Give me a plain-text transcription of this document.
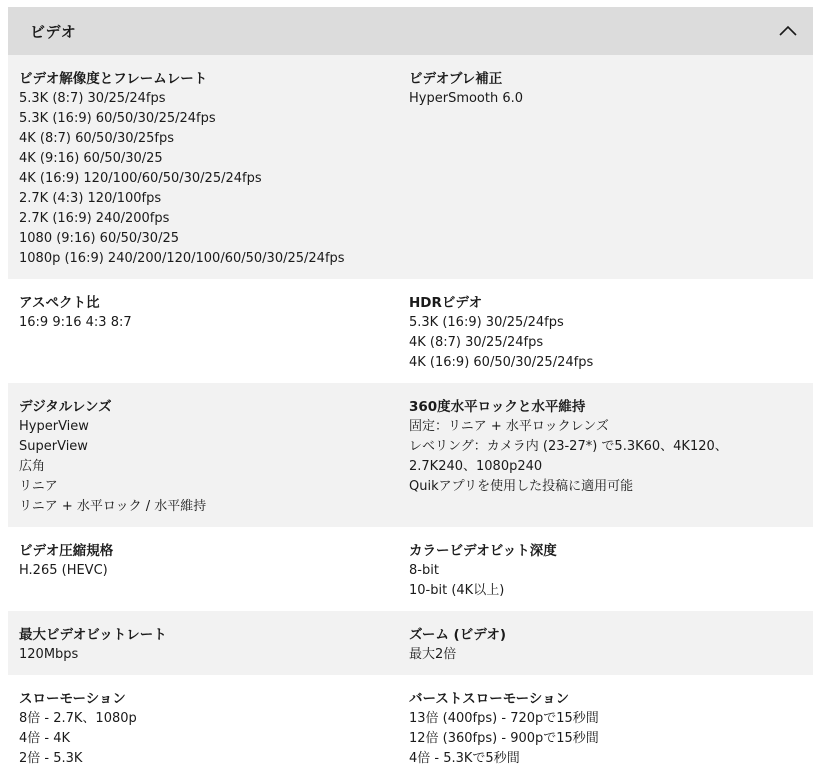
ビデオ
ビデオ解像度とフレームレート
5.3K (8:7) 30/25/24fps
5.3K (16:9) 60/50/30/25/24fps
4K (8:7) 60/50/30/25fps
4K (9:16) 60/50/30/25
4K (16:9) 120/100/60/50/30/25/24fps
2.7K (4:3) 120/100fps
2.7K (16:9) 240/200fps
1080 (9:16) 60/50/30/25
1080p (16:9) 240/200/120/100/60/50/30/25/24fps
ビデオブレ補正
HyperSmooth 6.0
アスペクト比
16:9 9:16 4:3 8:7
HDRビデオ
5.3K (16:9) 30/25/24fps
4K (8:7) 30/25/24fps
4K (16:9) 60/50/30/25/24fps
デジタルレンズ
HyperView
SuperView
広角
リニア
リニア + 水平ロック / 水平維持
360度水平ロックと水平維持
固定：リニア + 水平ロックレンズ
レベリング：カメラ内 (23-27*) で5.3K60、4K120、
2.7K240、1080p240
Quikアプリを使用した投稿に適用可能
ビデオ圧縮規格
H.265 (HEVC)
カラービデオビット深度
8-bit
10-bit (4K以上)
最大ビデオビットレート
120Mbps
ズーム (ビデオ)
最大2倍
スローモーション
8倍 - 2.7K、1080p
4倍 - 4K
2倍 - 5.3K
バーストスローモーション
13倍 (400fps) - 720pで15秒間
12倍 (360fps) - 900pで15秒間
4倍 - 5.3Kで5秒間
